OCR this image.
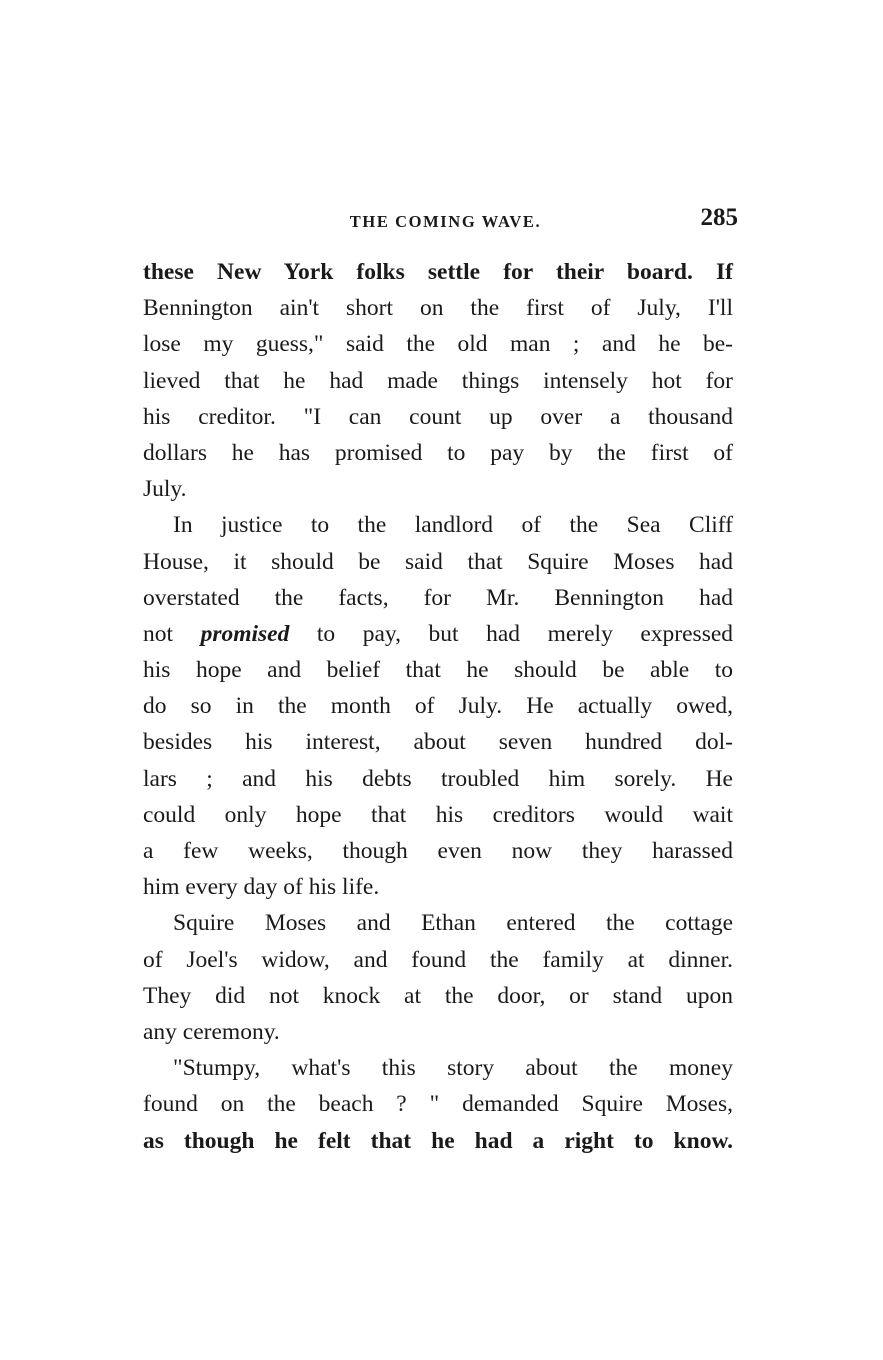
THE COMING WAVE.	285
these New York folks settle for their board. If
Bennington ain't short on the first of July, I'll
lose my guess," said the old man ; and he be-
lieved that he had made things intensely hot for
his creditor. "I can count up over a thousand
dollars he has promised to pay by the first of
July.
In justice to the landlord of the Sea Cliff
House, it should be said that Squire Moses had
overstated the facts, for Mr. Bennington had
not promised to pay, but had merely expressed
his hope and belief that he should be able to
do so in the month of July. He actually owed,
besides his interest, about seven hundred dol-
lars ; and his debts troubled him sorely. He
could only hope that his creditors would wait
a few weeks, though even now they harassed
him every day of his life.
Squire Moses and Ethan entered the cottage
of Joel's widow, and found the family at dinner.
They did not knock at the door, or stand upon
any ceremony.
"Stumpy, what's this story about the money
found on the beach ? " demanded Squire Moses,
as though he felt that he had a right to know.
